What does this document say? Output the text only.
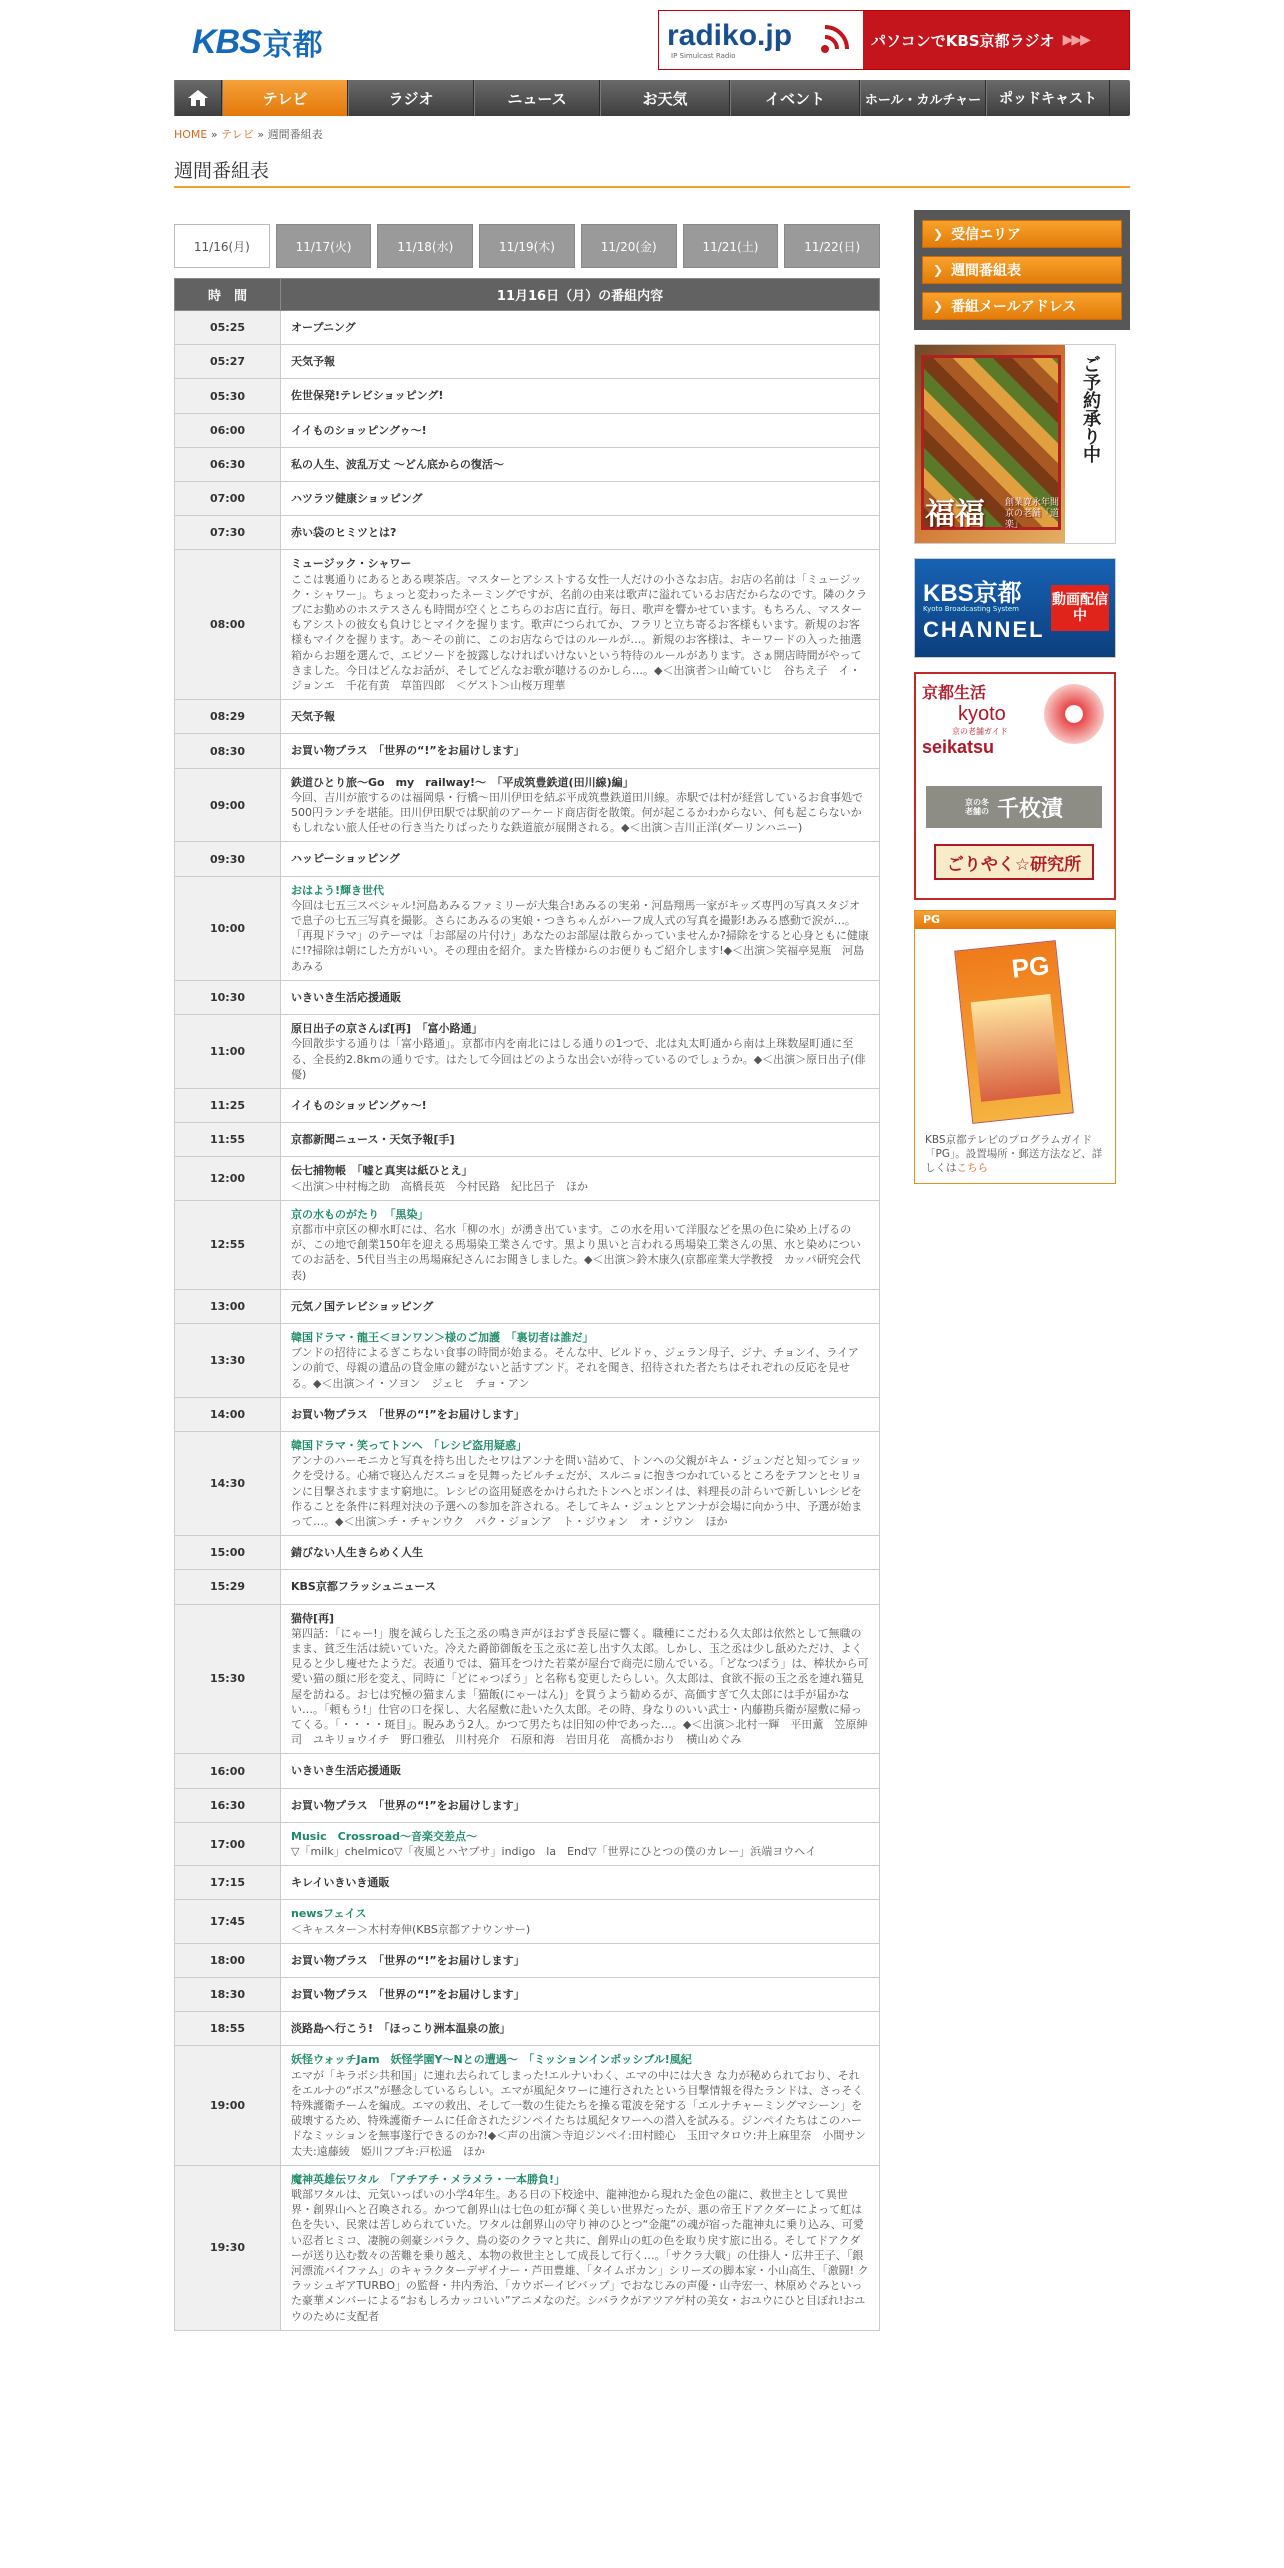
KBS 京都	radiko.jp
IP Simulcast Radio
パソコンでKBS京都ラジオ ▶▶▶
テレビ	ラジオ	ニュース	お天気	イベント	ホール・カルチャー	ポッドキャスト
HOME » テレビ » 週間番組表
週間番組表
11/16(月)	11/17(火)	11/18(水)	11/19(木)	11/20(金)	11/21(土)	11/22(日)
時　間	11月16日（月）の番組内容
05:25	オープニング

05:27	天気予報

05:30	佐世保発!テレビショッピング!

06:00	イイものショッピングゥ～!

06:30	私の人生、波乱万丈 ～どん底からの復活～

07:00	ハツラツ健康ショッピング

07:30	赤い袋のヒミツとは?

08:00	ミュージック・シャワー
ここは裏通りにあるとある喫茶店。マスターとアシストする女性一人だけの小さなお店。お店の名前は「ミュージック・シャワー」。ちょっと変わったネーミングですが、名前の由来は歌声に溢れているお店だからなのです。隣のクラブにお勤めのホステスさんも時間が空くとこちらのお店に直行。毎日、歌声を響かせています。もちろん、マスターもアシストの彼女も負けじとマイクを握ります。歌声につられてか、フラリと立ち寄るお客様もいます。新規のお客様もマイクを握ります。あ～その前に、このお店ならではのルールが…。新規のお客様は、キーワードの入った抽選箱からお題を選んで、エピソードを披露しなければいけないという特待のルールがあります。さぁ開店時間がやってきました。今日はどんなお話が、そしてどんなお歌が聴けるのかしら…。◆＜出演者＞山崎ていじ　谷ちえ子　イ・ジョンエ　千花有黄　草笛四郎　＜ゲスト＞山桜万理華

08:29	天気予報

08:30	お買い物プラス　「世界の“!”をお届けします」

09:00	鉄道ひとり旅～Go　my　railway!～　「平成筑豊鉄道(田川線)編」
今回、吉川が旅するのは福岡県・行橋～田川伊田を結ぶ平成筑豊鉄道田川線。赤駅では村が経営しているお食事処で500円ランチを堪能。田川伊田駅では駅前のアーケード商店街を散策。何が起こるかわからない、何も起こらないかもしれない旅人任せの行き当たりばったりな鉄道旅が展開される。◆＜出演＞吉川正洋(ダーリンハニー)

09:30	ハッピーショッピング

10:00	おはよう!輝き世代
今回は七五三スペシャル!河島あみるファミリーが大集合!あみるの実弟・河島翔馬一家がキッズ専門の写真スタジオで息子の七五三写真を撮影。さらにあみるの実娘・つきちゃんがハーフ成人式の写真を撮影!あみる感動で涙が…。「再現ドラマ」のテーマは「お部屋の片付け」あなたのお部屋は散らかっていませんか?掃除をすると心身ともに健康に!?掃除は朝にした方がいい。その理由を紹介。また皆様からのお便りもご紹介します!◆＜出演＞笑福亭晃瓶　河島あみる

10:30	いきいき生活応援通販

11:00	原日出子の京さんぽ[再]　「富小路通」
今回散歩する通りは「富小路通」。京都市内を南北にはしる通りの1つで、北は丸太町通から南は上珠数屋町通に至る、全長約2.8kmの通りです。はたして今回はどのような出会いが待っているのでしょうか。◆＜出演＞原日出子(俳優)

11:25	イイものショッピングゥ～!

11:55	京都新聞ニュース・天気予報[手]

12:00	伝七捕物帳　「嘘と真実は紙ひとえ」
＜出演＞中村梅之助　高橋長英　今村民路　紀比呂子　ほか

12:55	京の水ものがたり　「黒染」
京都市中京区の柳水町には、名水「柳の水」が湧き出ています。この水を用いて洋服などを黒の色に染め上げるのが、この地で創業150年を迎える馬場染工業さんです。黒より黒いと言われる馬場染工業さんの黒、水と染めについてのお話を、5代目当主の馬場麻紀さんにお聞きしました。◆＜出演＞鈴木康久(京都産業大学教授　カッパ研究会代表)

13:00	元気ノ国テレビショッピング

13:30	韓国ドラマ・龍王＜ヨンワン＞様のご加護　「裏切者は誰だ」
ブンドの招待によるぎこちない食事の時間が始まる。そんな中、ビルドゥ、ジェラン母子、ジナ、チョンイ、ライアンの前で、母親の遺品の貸金庫の鍵がないと話すブンド。それを聞き、招待された者たちはそれぞれの反応を見せる。◆＜出演＞イ・ソヨン　ジェヒ　チョ・アン

14:00	お買い物プラス　「世界の“!”をお届けします」

14:30	韓国ドラマ・笑ってトンヘ　「レシピ盗用疑惑」
アンナのハーモニカと写真を持ち出したセワはアンナを問い詰めて、トンヘの父親がキム・ジュンだと知ってショックを受ける。心痛で寝込んだスニョを見舞ったビルチェだが、スルニョに抱きつかれているところをテフンとセリョンに目撃されますます窮地に。レシピの盗用疑惑をかけられたトンヘとボンイは、料理長の計らいで新しいレシピを作ることを条件に料理対決の予選への参加を許される。そしてキム・ジュンとアンナが会場に向かう中、予選が始まって…。◆＜出演＞チ・チャンウク　パク・ジョンア　ト・ジウォン　オ・ジウン　ほか

15:00	錆びない人生きらめく人生

15:29	KBS京都フラッシュニュース

15:30	猫侍[再]
第四話：「にゃー!」腹を減らした玉之丞の鳴き声がほおずき長屋に響く。職種にこだわる久太郎は依然として無職のまま、貧乏生活は続いていた。冷えた爵節御飯を玉之丞に差し出す久太郎。しかし、玉之丞は少し舐めただけ、よく見ると少し痩せたようだ。表通りでは、猫耳をつけた若菜が屋台で商売に励んでいる。「どなつぼう」は、棒状から可愛い猫の顔に形を変え、同時に「どにゃつぼう」と名称も変更したらしい。久太郎は、食欲不振の玉之丞を連れ猫見屋を訪ねる。お七は究極の猫まんま「猫飯(にゃーはん)」を買うよう勧めるが、高価すぎて久太郎には手が届かない…。「頼もう!」仕官の口を探し、大名屋敷に赴いた久太郎。その時、身なりのいい武士・内藤勘兵衛が屋敷に帰ってくる。「・・・・斑目」。睨みあう2人。かつて男たちは旧知の仲であった…。◆＜出演＞北村一輝　平田薫　笠原紳司　ユキリョウイチ　野口雅弘　川村亮介　石原和海　岩田月花　高橋かおり　横山めぐみ

16:00	いきいき生活応援通販

16:30	お買い物プラス　「世界の“!”をお届けします」

17:00	Music　Crossroad～音楽交差点～
▽「milk」chelmico▽「夜風とハヤブサ」indigo　la　End▽「世界にひとつの僕のカレー」浜端ヨウヘイ

17:15	キレイいきいき通販

17:45	newsフェイス
＜キャスター＞木村寿伸(KBS京都アナウンサー)

18:00	お買い物プラス　「世界の“!”をお届けします」

18:30	お買い物プラス　「世界の“!”をお届けします」

18:55	淡路島へ行こう!　「ほっこり洲本温泉の旅」

19:00	妖怪ウォッチJam　妖怪学園Y～Nとの遭遇～　「ミッションインポッシブル!風紀
エマが「キラボシ共和国」に連れ去られてしまった!エルナいわく、エマの中には大き な力が秘められており、それをエルナの“ボス”が懸念しているらしい。エマが風紀タワーに連行されたという目撃情報を得たランドは、さっそく特殊護衛チームを編成。エマの救出、そして一数の生徒たちを操る電波を発する「エルナチャーミングマシーン」を破壊するため、特殊護衛チームに任命されたジンペイたちは風紀タワーへの潜入を試みる。ジンペイたちはこのハードなミッションを無事遂行できるのか?!◆＜声の出演＞寺迫ジンペイ:田村睦心　玉田マタロウ:井上麻里奈　小間サン太夫:遠藤綾　姫川フブキ:戸松遥　ほか

19:30	魔神英雄伝ワタル　「アチアチ・メラメラ・一本勝負!」
戦部ワタルは、元気いっぱいの小学4年生。ある日の下校途中、龍神池から現れた金色の龍に、救世主として異世界・創界山へと召喚される。かつて創界山は七色の虹が輝く美しい世界だったが、悪の帝王ドアクダーによって虹は色を失い、民衆は苦しめられていた。ワタルは創界山の守り神のひとつ“金龍”の魂が宿った龍神丸に乗り込み、可愛い忍者ヒミコ、凄腕の剣豪シバラク、鳥の姿のクラマと共に、創界山の虹の色を取り戻す旅に出る。そしてドアクダーが送り込む数々の苦難を乗り越え、本物の救世主として成長して行く…。「サクラ大戦」の仕掛人・広井王子、「銀河漂流バイファム」のキャラクターデザイナー・芦田豊雄、「タイムボカン」シリーズの脚本家・小山高生、「激闘! クラッシュギアTURBO」の監督・井内秀治、「カウボーイビバップ」でおなじみの声優・山寺宏一、林原めぐみといった豪華メンバーによる“おもしろカッコいい”アニメなのだ。シバラクがアツアゲ村の美女・おユウにひと目ぼれ!おユウのために支配者
❯ 受信エリア
❯ 週間番組表
❯ 番組メールアドレス
福福 創業寛永年間 京の老舗「道楽」
ご予約承り中
KBS京都
Kyoto Broadcasting System
CHANNEL
動画配信中
京都生活
kyoto
京の老舗ガイド
seikatsu
京の冬 老舗の 千枚漬
ごりやく☆研究所
PG
PG
KBS京都テレビのプログラムガイド「PG」。設置場所・郵送方法など、詳しくはこちら
